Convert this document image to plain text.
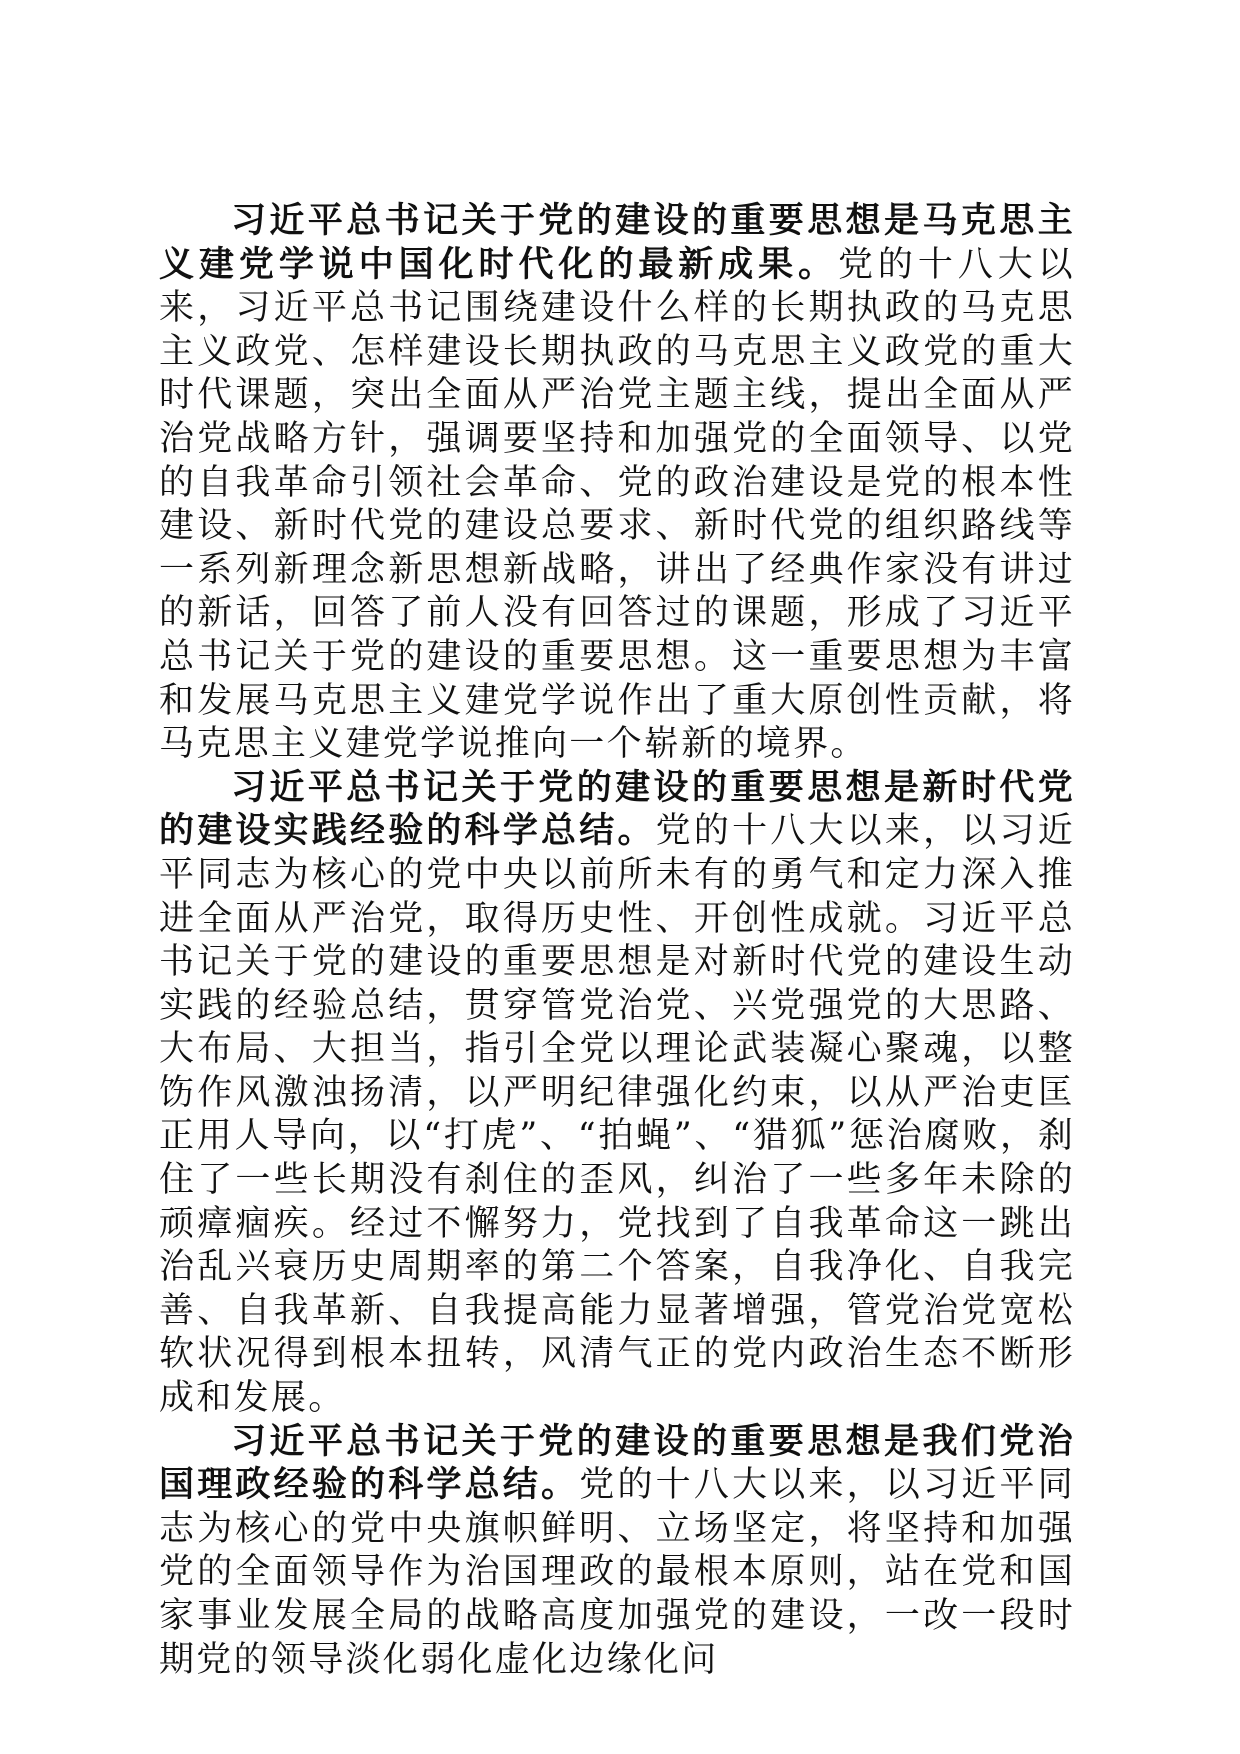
习近平总书记关于党的建设的重要思想是马克思主义建党学说中国化时代化的最新成果。党的十八大以来，习近平总书记围绕建设什么样的长期执政的马克思主义政党、怎样建设长期执政的马克思主义政党的重大时代课题，突出全面从严治党主题主线，提出全面从严治党战略方针，强调要坚持和加强党的全面领导、以党的自我革命引领社会革命、党的政治建设是党的根本性建设、新时代党的建设总要求、新时代党的组织路线等一系列新理念新思想新战略，讲出了经典作家没有讲过的新话，回答了前人没有回答过的课题，形成了习近平总书记关于党的建设的重要思想。这一重要思想为丰富和发展马克思主义建党学说作出了重大原创性贡献，将马克思主义建党学说推向一个崭新的境界。

习近平总书记关于党的建设的重要思想是新时代党的建设实践经验的科学总结。党的十八大以来，以习近平同志为核心的党中央以前所未有的勇气和定力深入推进全面从严治党，取得历史性、开创性成就。习近平总书记关于党的建设的重要思想是对新时代党的建设生动实践的经验总结，贯穿管党治党、兴党强党的大思路、大布局、大担当，指引全党以理论武装凝心聚魂，以整饬作风激浊扬清，以严明纪律强化约束，以从严治吏匡正用人导向，以“打虎”、“拍蝇”、“猎狐”惩治腐败，刹住了一些长期没有刹住的歪风，纠治了一些多年未除的顽瘴痼疾。经过不懈努力，党找到了自我革命这一跳出治乱兴衰历史周期率的第二个答案，自我净化、自我完善、自我革新、自我提高能力显著增强，管党治党宽松软状况得到根本扭转，风清气正的党内政治生态不断形成和发展。

习近平总书记关于党的建设的重要思想是我们党治国理政经验的科学总结。党的十八大以来，以习近平同志为核心的党中央旗帜鲜明、立场坚定，将坚持和加强党的全面领导作为治国理政的最根本原则，站在党和国家事业发展全局的战略高度加强党的建设，一改一段时期党的领导淡化弱化虚化边缘化问
